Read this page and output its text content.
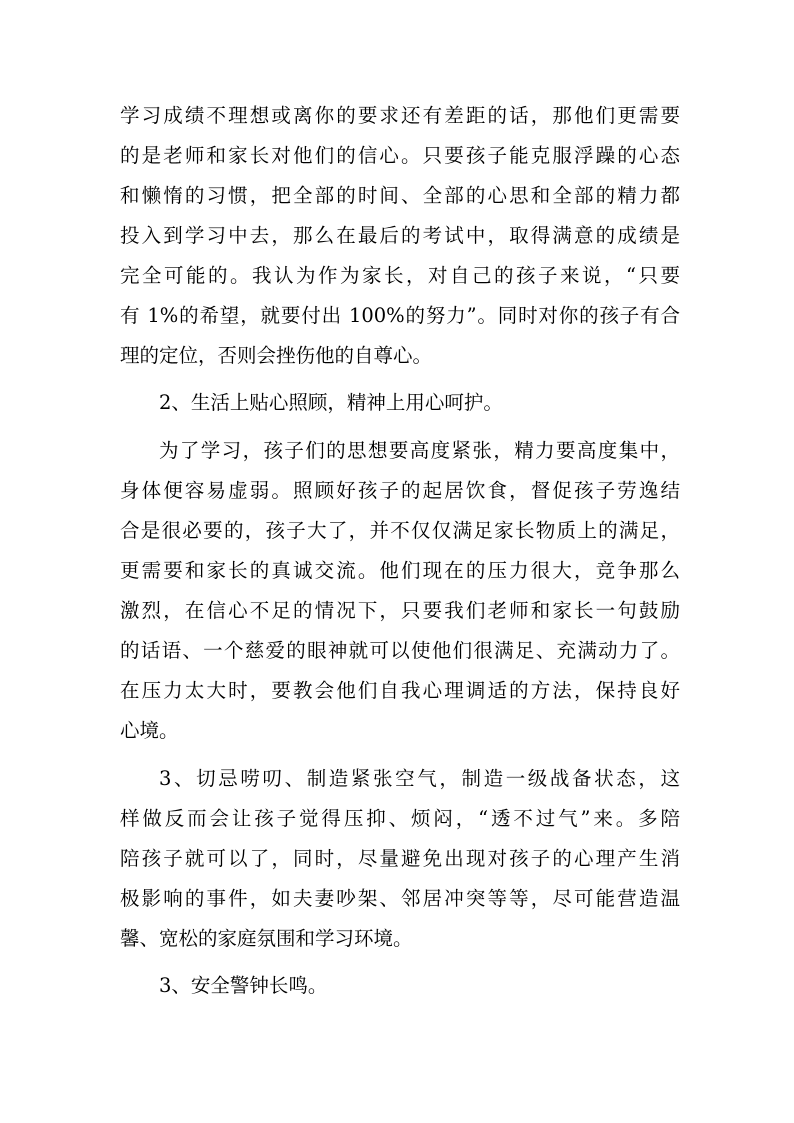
学习成绩不理想或离你的要求还有差距的话，那他们更需要
的是老师和家长对他们的信心。只要孩子能克服浮躁的心态
和懒惰的习惯，把全部的时间、全部的心思和全部的精力都
投入到学习中去，那么在最后的考试中，取得满意的成绩是
完全可能的。我认为作为家长，对自己的孩子来说，“只要
有 1%的希望，就要付出 100%的努力”。同时对你的孩子有合
理的定位，否则会挫伤他的自尊心。
2、生活上贴心照顾，精神上用心呵护。
为了学习，孩子们的思想要高度紧张，精力要高度集中，
身体便容易虚弱。照顾好孩子的起居饮食，督促孩子劳逸结
合是很必要的，孩子大了，并不仅仅满足家长物质上的满足，
更需要和家长的真诚交流。他们现在的压力很大，竞争那么
激烈，在信心不足的情况下，只要我们老师和家长一句鼓励
的话语、一个慈爱的眼神就可以使他们很满足、充满动力了。
在压力太大时，要教会他们自我心理调适的方法，保持良好
心境。
3、切忌唠叨、制造紧张空气，制造一级战备状态，这
样做反而会让孩子觉得压抑、烦闷，“透不过气”来。多陪
陪孩子就可以了，同时，尽量避免出现对孩子的心理产生消
极影响的事件，如夫妻吵架、邻居冲突等等，尽可能营造温
馨、宽松的家庭氛围和学习环境。
3、安全警钟长鸣。
